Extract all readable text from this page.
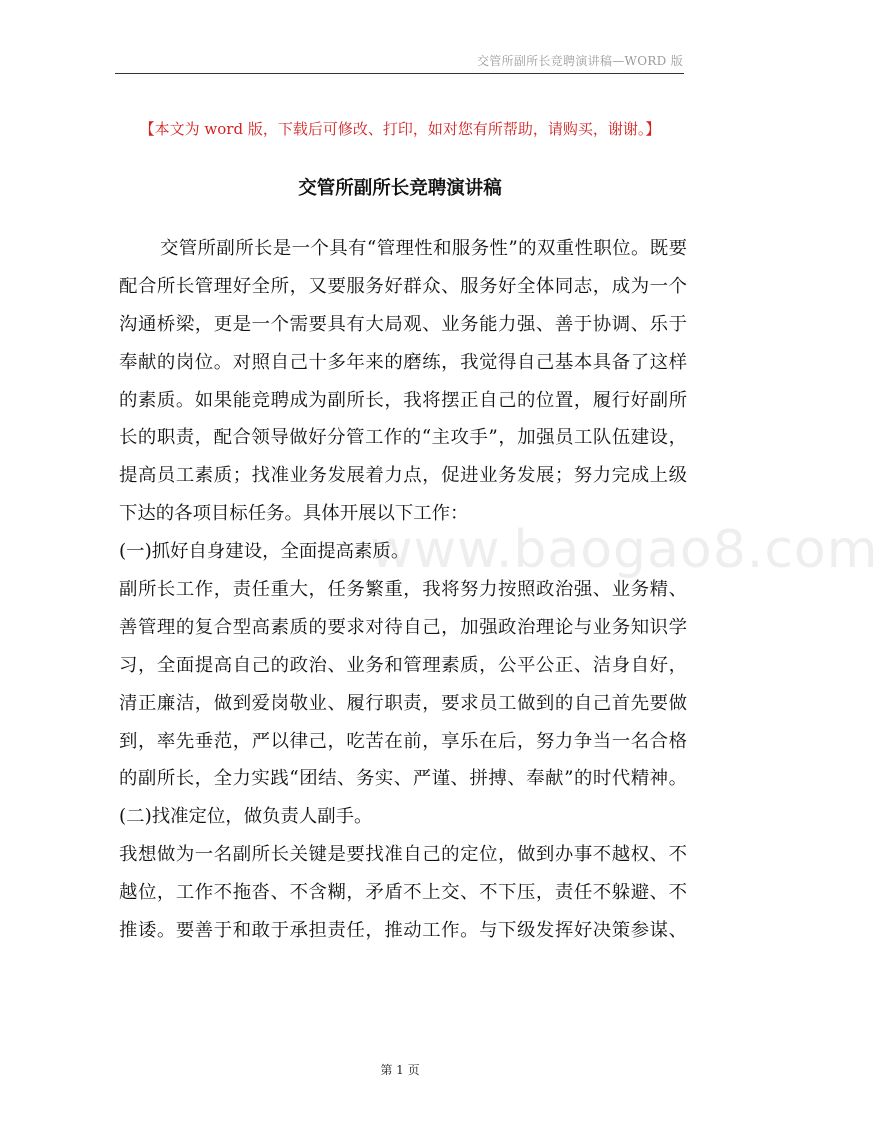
交管所副所长竞聘演讲稿—WORD 版
【本文为 word 版，下载后可修改、打印，如对您有所帮助，请购买，谢谢。】
交管所副所长竞聘演讲稿
www.baogao8.com
交管所副所长是一个具有“管理性和服务性”的双重性职位。既要
配合所长管理好全所，又要服务好群众、服务好全体同志，成为一个
沟通桥梁，更是一个需要具有大局观、业务能力强、善于协调、乐于
奉献的岗位。对照自己十多年来的磨练，我觉得自己基本具备了这样
的素质。如果能竞聘成为副所长，我将摆正自己的位置，履行好副所
长的职责，配合领导做好分管工作的“主攻手”，加强员工队伍建设，
提高员工素质；找准业务发展着力点，促进业务发展；努力完成上级
下达的各项目标任务。具体开展以下工作：
(一)抓好自身建设，全面提高素质。
副所长工作，责任重大，任务繁重，我将努力按照政治强、业务精、
善管理的复合型高素质的要求对待自己，加强政治理论与业务知识学
习，全面提高自己的政治、业务和管理素质，公平公正、洁身自好，
清正廉洁，做到爱岗敬业、履行职责，要求员工做到的自己首先要做
到，率先垂范，严以律己，吃苦在前，享乐在后，努力争当一名合格
的副所长，全力实践“团结、务实、严谨、拼搏、奉献”的时代精神。
(二)找准定位，做负责人副手。
我想做为一名副所长关键是要找准自己的定位，做到办事不越权、不
越位，工作不拖沓、不含糊，矛盾不上交、不下压，责任不躲避、不
推诿。要善于和敢于承担责任，推动工作。与下级发挥好决策参谋、
第 1 页
